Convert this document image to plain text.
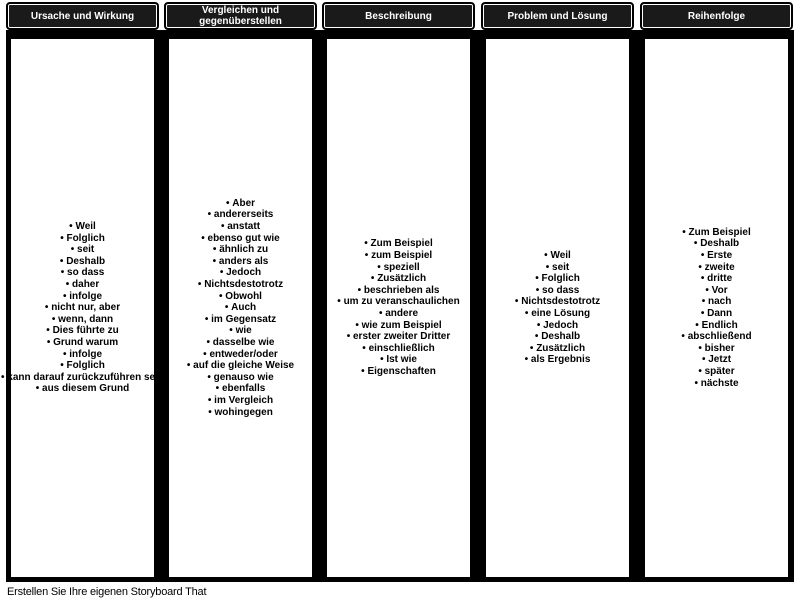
Ursache und Wirkung
• Weil
• Folglich
• seit
• Deshalb
• so dass
• daher
• infolge
• nicht nur, aber
• wenn, dann
• Dies führte zu
• Grund warum
• infolge
• Folglich
• kann darauf zurückzuführen sein
• aus diesem Grund
Vergleichen und gegenüberstellen
• Aber
• andererseits
• anstatt
• ebenso gut wie
• ähnlich zu
• anders als
• Jedoch
• Nichtsdestotrotz
• Obwohl
• Auch
• im Gegensatz
• wie
• dasselbe wie
• entweder/oder
• auf die gleiche Weise
• genauso wie
• ebenfalls
• im Vergleich
• wohingegen
Beschreibung
• Zum Beispiel
• zum Beispiel
• speziell
• Zusätzlich
• beschrieben als
• um zu veranschaulichen
• andere
• wie zum Beispiel
• erster zweiter Dritter
• einschließlich
• Ist wie
• Eigenschaften
Problem und Lösung
• Weil
• seit
• Folglich
• so dass
• Nichtsdestotrotz
• eine Lösung
• Jedoch
• Deshalb
• Zusätzlich
• als Ergebnis
Reihenfolge
• Zum Beispiel
• Deshalb
• Erste
• zweite
• dritte
• Vor
• nach
• Dann
• Endlich
• abschließend
• bisher
• Jetzt
• später
• nächste
Erstellen Sie Ihre eigenen Storyboard That
